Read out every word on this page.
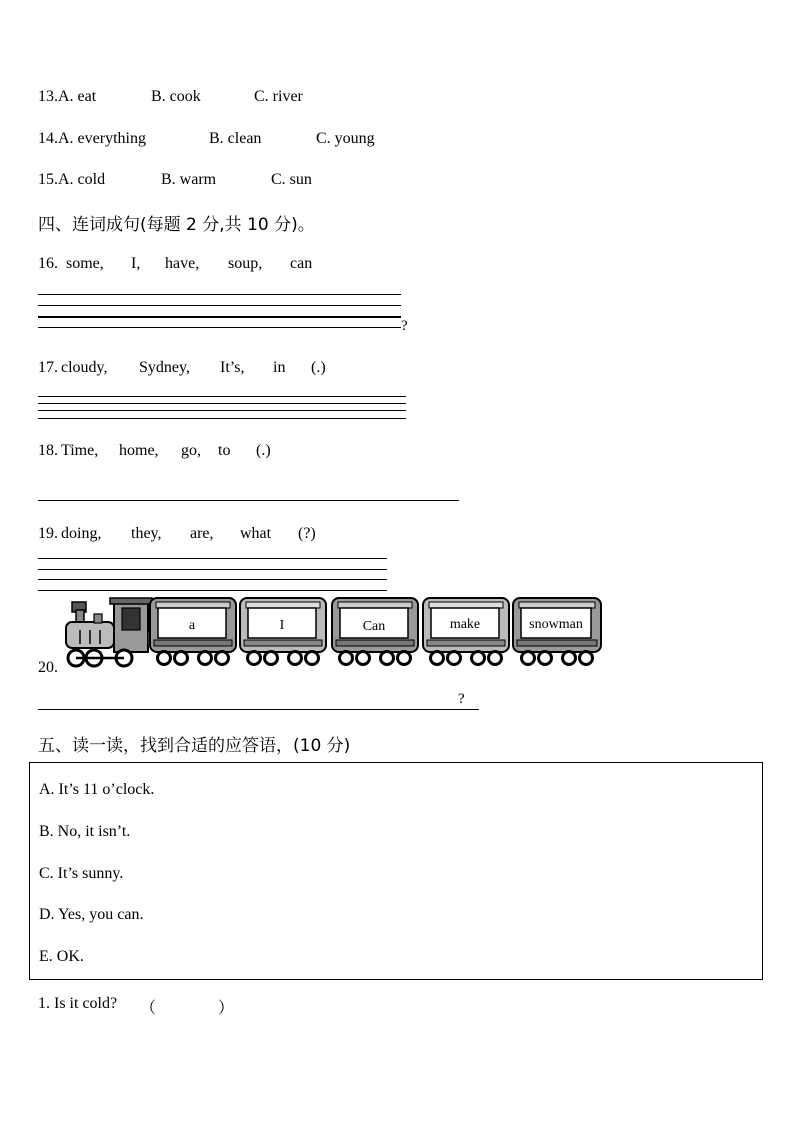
13.A. eat	B. cook	C. river
14.A. everything	B. clean	C. young
15.A. cold	B. warm	C. sun
四、连词成句(每题 2 分,共 10 分)。
16. some, I, have, soup, can
?
17. cloudy, Sydney, It’s, in (.)
18. Time, home, go, to (.)
19. doing, they, are, what (?)
20.
a	I	Can	make	snowman
?
五、读一读，找到合适的应答语，(10 分)
A. It’s 11 o’clock.
B. No, it isn’t.
C. It’s sunny.
D. Yes, you can.
E. OK.
1. Is it cold? （	）
